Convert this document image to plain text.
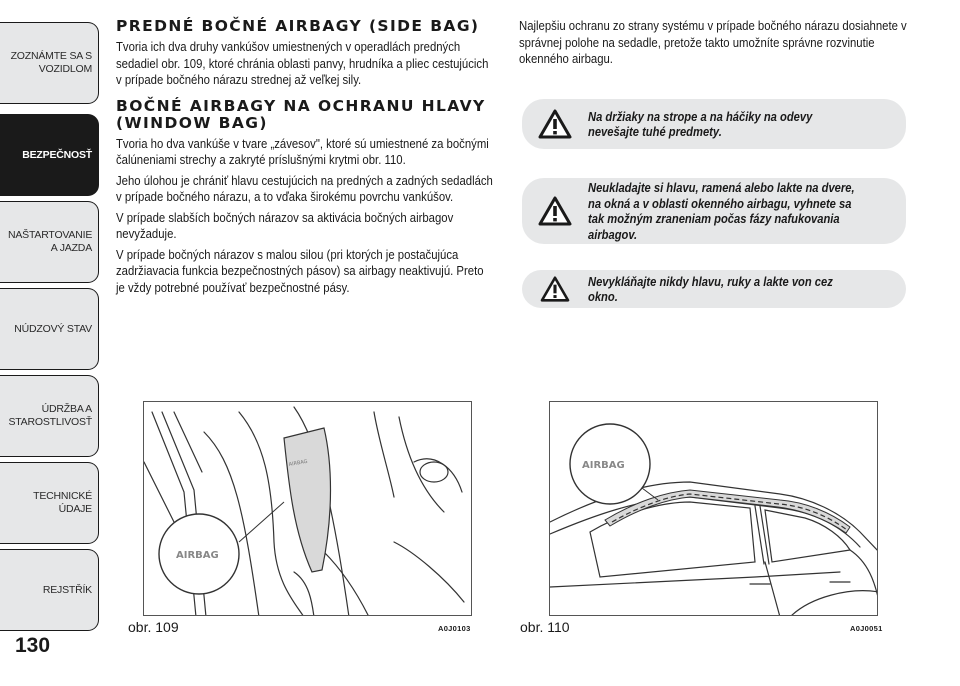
ZOZNÁMTE SA S VOZIDLOM
BEZPEČNOSŤ
NAŠTARTOVANIE A JAZDA
NÚDZOVÝ STAV
ÚDRŽBA A STAROSTLIVOSŤ
TECHNICKÉ ÚDAJE
REJSTŘÍK
130
PREDNÉ BOČNÉ AIRBAGY (SIDE BAG)

Tvoria ich dva druhy vankúšov umiestnených v operadlách predných sedadiel obr. 109, ktoré chránia oblasti panvy, hrudníka a pliec cestujúcich v prípade bočného nárazu strednej až veľkej sily.

BOČNÉ AIRBAGY NA OCHRANU HLAVY (WINDOW BAG)

Tvoria ho dva vankúše v tvare „závesov", ktoré sú umiestnené za bočnými čalúneniami strechy a zakryté príslušnými krytmi obr. 110.

Jeho úlohou je chrániť hlavu cestujúcich na predných a zadných sedadlách v prípade bočného nárazu, a to vďaka širokému povrchu vankúšov.

V prípade slabších bočných nárazov sa aktivácia bočných airbagov nevyžaduje.

V prípade bočných nárazov s malou silou (pri ktorých je postačujúca zadržiavacia funkcia bezpečnostných pásov) sa airbagy neaktivujú. Preto je vždy potrebné používať bezpečnostné pásy.

Najlepšiu ochranu zo strany systému v prípade bočného nárazu dosiahnete v správnej polohe na sedadle, pretože takto umožníte správne rozvinutie okenného airbagu.

Na držiaky na strope a na háčiky na odevy nevešajte tuhé predmety.
Neukladajte si hlavu, ramená alebo lakte na dvere, na okná a v oblasti okenného airbagu, vyhnete sa tak možným zraneniam počas fázy nafukovania airbagov.
Nevykláňajte nikdy hlavu, ruky a lakte von cez okno.
AIRBAG
AIRBAG
obr. 109	A0J0103
AIRBAG
obr. 110	A0J0051
